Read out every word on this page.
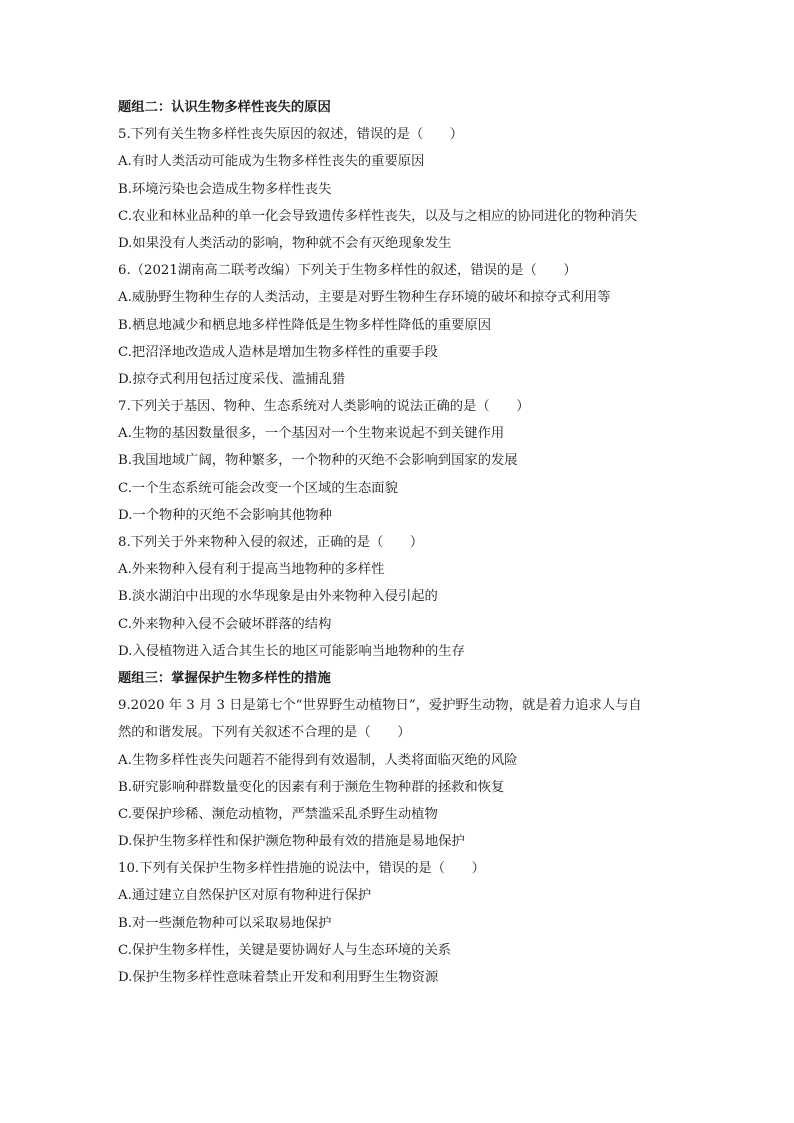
题组二：认识生物多样性丧失的原因
5.下列有关生物多样性丧失原因的叙述，错误的是（　　）
A.有时人类活动可能成为生物多样性丧失的重要原因
B.环境污染也会造成生物多样性丧失
C.农业和林业品种的单一化会导致遗传多样性丧失，以及与之相应的协同进化的物种消失
D.如果没有人类活动的影响，物种就不会有灭绝现象发生
6.（2021湖南高二联考改编）下列关于生物多样性的叙述，错误的是（　　）
A.威胁野生物种生存的人类活动，主要是对野生物种生存环境的破坏和掠夺式利用等
B.栖息地减少和栖息地多样性降低是生物多样性降低的重要原因
C.把沼泽地改造成人造林是增加生物多样性的重要手段
D.掠夺式利用包括过度采伐、滥捕乱猎
7.下列关于基因、物种、生态系统对人类影响的说法正确的是（　　）
A.生物的基因数量很多，一个基因对一个生物来说起不到关键作用
B.我国地域广阔，物种繁多，一个物种的灭绝不会影响到国家的发展
C.一个生态系统可能会改变一个区域的生态面貌
D.一个物种的灭绝不会影响其他物种
8.下列关于外来物种入侵的叙述，正确的是（　　）
A.外来物种入侵有利于提高当地物种的多样性
B.淡水湖泊中出现的水华现象是由外来物种入侵引起的
C.外来物种入侵不会破坏群落的结构
D.入侵植物进入适合其生长的地区可能影响当地物种的生存
题组三：掌握保护生物多样性的措施
9.2020 年 3 月 3 日是第七个“世界野生动植物日”，爱护野生动物，就是着力追求人与自
然的和谐发展。下列有关叙述不合理的是（　　）
A.生物多样性丧失问题若不能得到有效遏制，人类将面临灭绝的风险
B.研究影响种群数量变化的因素有利于濒危生物种群的拯救和恢复
C.要保护珍稀、濒危动植物，严禁滥采乱杀野生动植物
D.保护生物多样性和保护濒危物种最有效的措施是易地保护
10.下列有关保护生物多样性措施的说法中，错误的是（　　）
A.通过建立自然保护区对原有物种进行保护
B.对一些濒危物种可以采取易地保护
C.保护生物多样性，关键是要协调好人与生态环境的关系
D.保护生物多样性意味着禁止开发和利用野生生物资源
